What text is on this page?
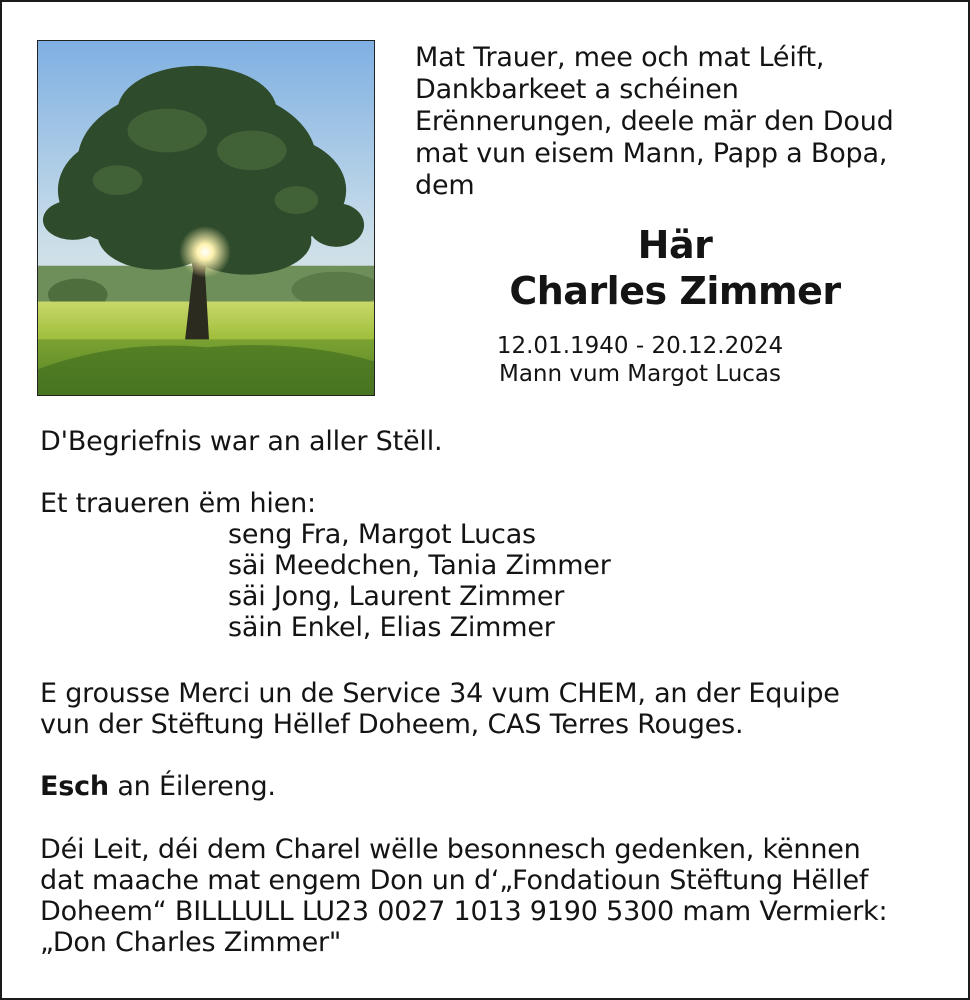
Mat Trauer, mee och mat Léift,
Dankbarkeet a schéinen
Erënnerungen, deele mär den Doud
mat vun eisem Mann, Papp a Bopa,
dem
Här
Charles Zimmer
12.01.1940 - 20.12.2024
Mann vum Margot Lucas
D'Begriefnis war an aller Stëll.
Et traueren ëm hien:
seng Fra, Margot Lucas
säi Meedchen, Tania Zimmer
säi Jong, Laurent Zimmer
säin Enkel, Elias Zimmer
E grousse Merci un de Service 34 vum CHEM, an der Equipe
vun der Stëftung Hëllef Doheem, CAS Terres Rouges.
Esch an Éilereng.
Déi Leit, déi dem Charel wëlle besonnesch gedenken, kënnen
dat maache mat engem Don un d‘„Fondatioun Stëftung Hëllef
Doheem“ BILLLULL LU23 0027 1013 9190 5300 mam Vermierk:
„Don Charles Zimmer"
